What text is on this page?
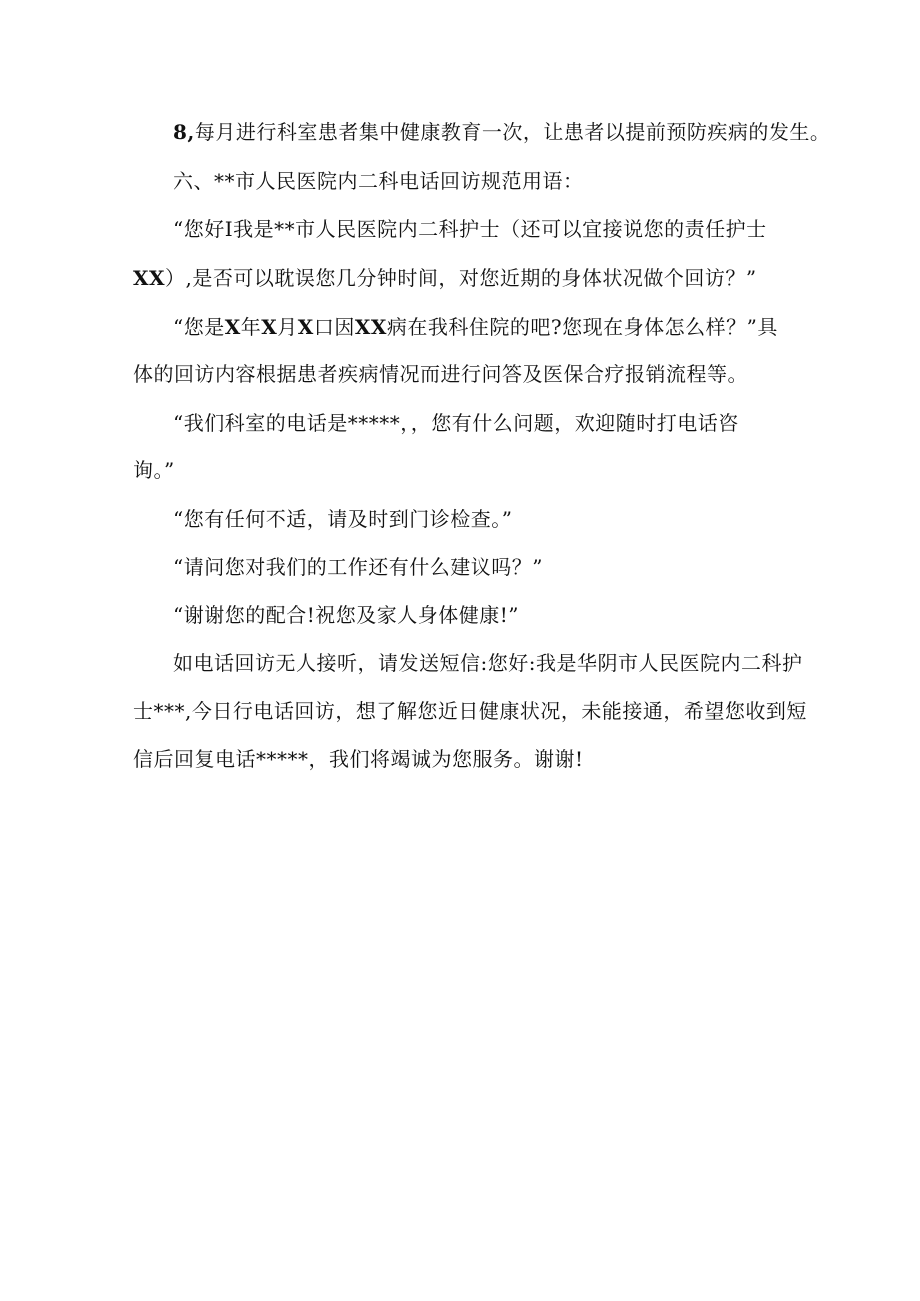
8,每月进行科室患者集中健康教育一次，让患者以提前预防疾病的发生。
六、**市人民医院内二科电话回访规范用语：
“您好I我是**市人民医院内二科护士（还可以宜接说您的责任护士
XX）,是否可以耽误您几分钟时间，对您近期的身体状况做个回访？”
“您是X年X月X口因XX病在我科住院的吧?您现在身体怎么样？”具
体的回访内容根据患者疾病情况而进行问答及医保合疗报销流程等。
“我们科室的电话是*****，，您有什么问题，欢迎随时打电话咨
询。”
“您有任何不适，请及时到门诊检查。”
“请问您对我们的工作还有什么建议吗？”
“谢谢您的配合!祝您及家人身体健康!”
如电话回访无人接听，请发送短信:您好:我是华阴市人民医院内二科护
士***,今日行电话回访，想了解您近日健康状况，未能接通，希望您收到短
信后回复电话*****，我们将竭诚为您服务。谢谢!
